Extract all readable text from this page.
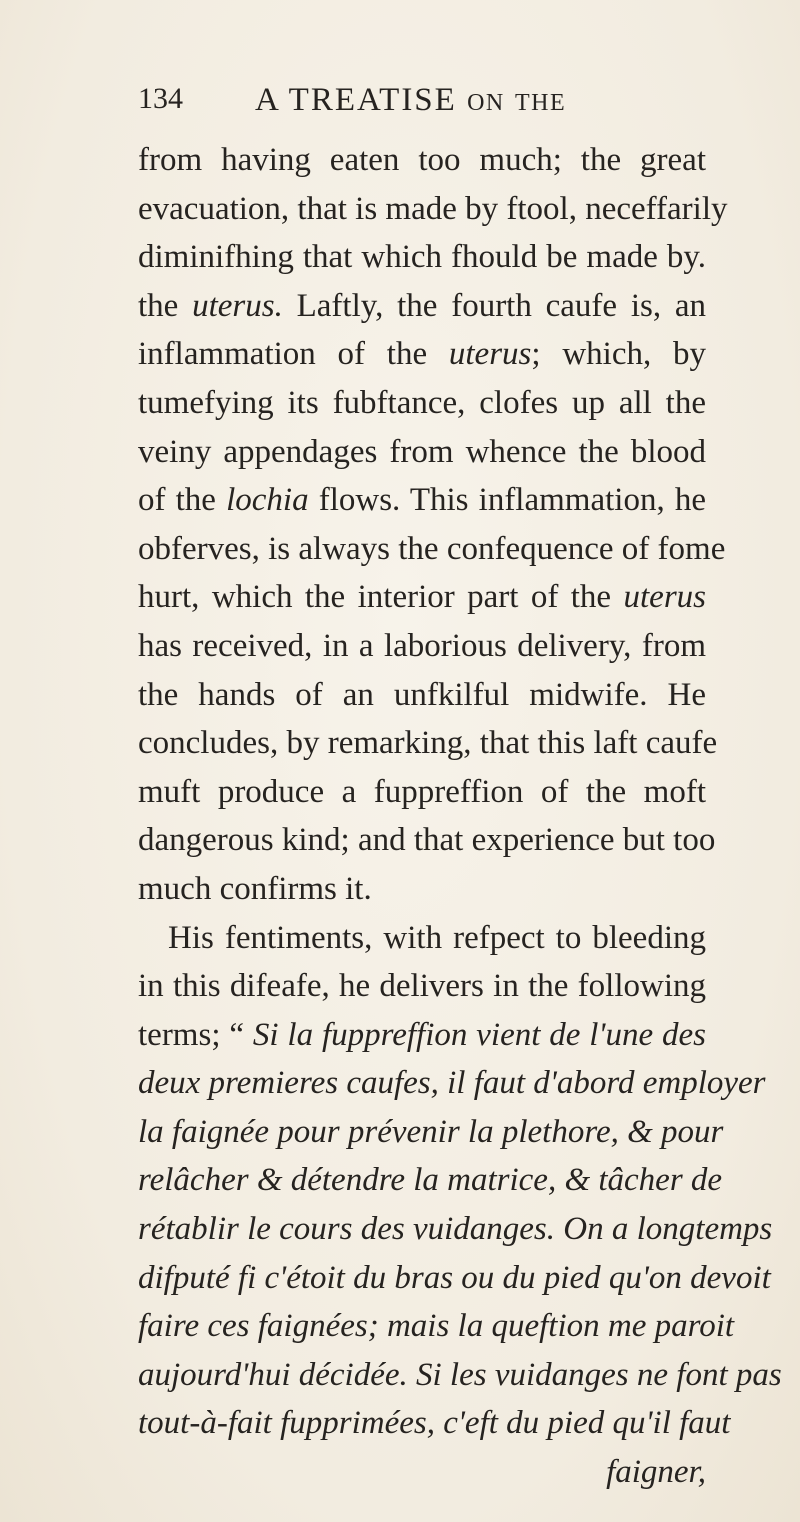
134 A TREATISE ON THE
from having eaten too much; the great
evacuation, that is made by ftool, neceffarily
diminifhing that which fhould be made by.
the uterus. Laftly, the fourth caufe is, an
inflammation of the uterus; which, by
tumefying its fubftance, clofes up all the
veiny appendages from whence the blood
of the lochia flows. This inflammation, he
obferves, is always the confequence of fome
hurt, which the interior part of the uterus
has received, in a laborious delivery, from
the hands of an unfkilful midwife. He
concludes, by remarking, that this laft caufe
muft produce a fuppreffion of the moft
dangerous kind; and that experience but too
much confirms it.
His fentiments, with refpect to bleeding
in this difeafe, he delivers in the following
terms; “ Si la fuppreffion vient de l'une des
deux premieres caufes, il faut d'abord employer
la faignée pour prévenir la plethore, & pour
relâcher & détendre la matrice, & tâcher de
rétablir le cours des vuidanges. On a longtemps
difputé fi c'étoit du bras ou du pied qu'on devoit
faire ces faignées; mais la queftion me paroit
aujourd'hui décidée. Si les vuidanges ne font pas
tout-à-fait fupprimées, c'eft du pied qu'il faut
faigner,
